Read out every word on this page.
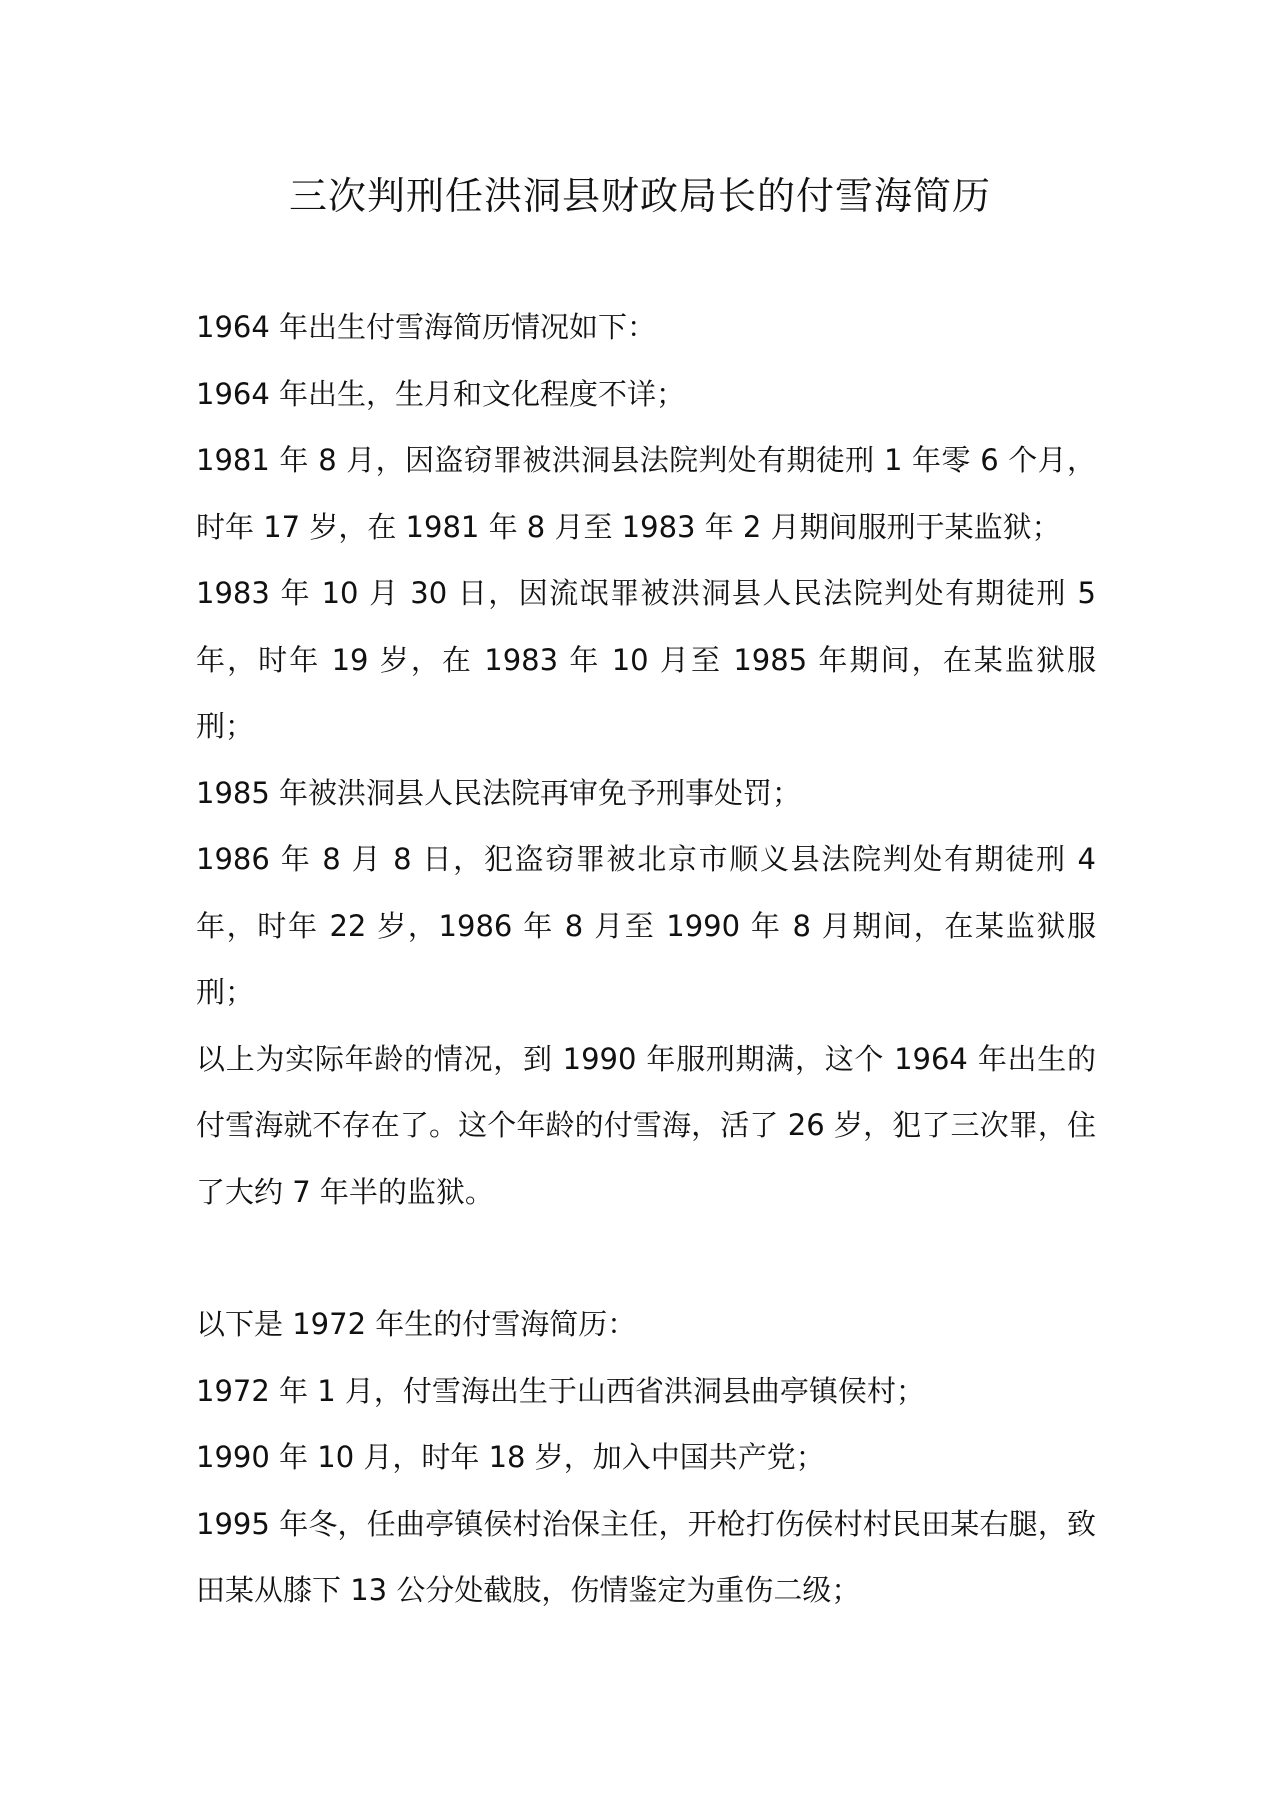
三次判刑任洪洞县财政局长的付雪海简历

1964 年出生付雪海简历情况如下：

1964 年出生，生月和文化程度不详；

1981 年 8 月，因盗窃罪被洪洞县法院判处有期徒刑 1 年零 6 个月，时年 17 岁，在 1981 年 8 月至 1983 年 2 月期间服刑于某监狱；

1983 年 10 月 30 日，因流氓罪被洪洞县人民法院判处有期徒刑 5 年，时年 19 岁，在 1983 年 10 月至 1985 年期间，在某监狱服刑；

1985 年被洪洞县人民法院再审免予刑事处罚；

1986 年 8 月 8 日，犯盗窃罪被北京市顺义县法院判处有期徒刑 4 年，时年 22 岁，1986 年 8 月至 1990 年 8 月期间，在某监狱服刑；

以上为实际年龄的情况，到 1990 年服刑期满，这个 1964 年出生的付雪海就不存在了。这个年龄的付雪海，活了 26 岁，犯了三次罪，住了大约 7 年半的监狱。

以下是 1972 年生的付雪海简历：

1972 年 1 月，付雪海出生于山西省洪洞县曲亭镇侯村；

1990 年 10 月，时年 18 岁，加入中国共产党；

1995 年冬，任曲亭镇侯村治保主任，开枪打伤侯村村民田某右腿，致田某从膝下 13 公分处截肢，伤情鉴定为重伤二级；
